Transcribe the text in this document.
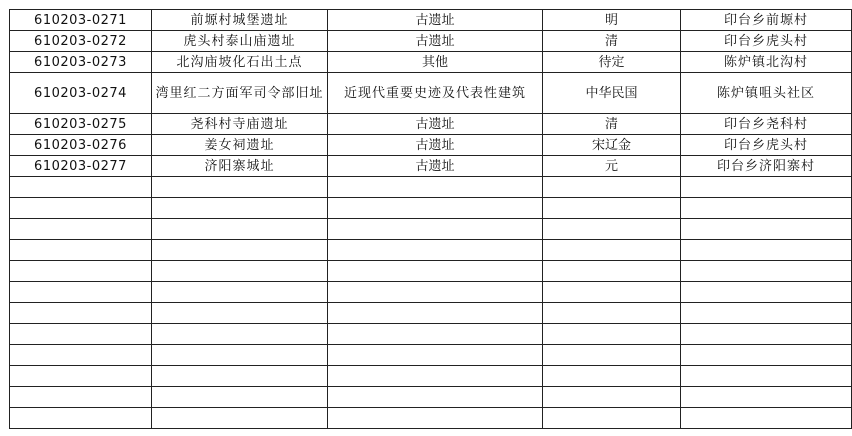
610203-0271	前塬村城堡遗址	古遗址	明	印台乡前塬村
610203-0272	虎头村泰山庙遗址	古遗址	清	印台乡虎头村
610203-0273	北沟庙坡化石出土点	其他	待定	陈炉镇北沟村
610203-0274	湾里红二方面军司令部旧址	近现代重要史迹及代表性建筑	中华民国	陈炉镇咀头社区
610203-0275	尧科村寺庙遗址	古遗址	清	印台乡尧科村
610203-0276	姜女祠遗址	古遗址	宋辽金	印台乡虎头村
610203-0277	济阳寨城址	古遗址	元	印台乡济阳寨村
